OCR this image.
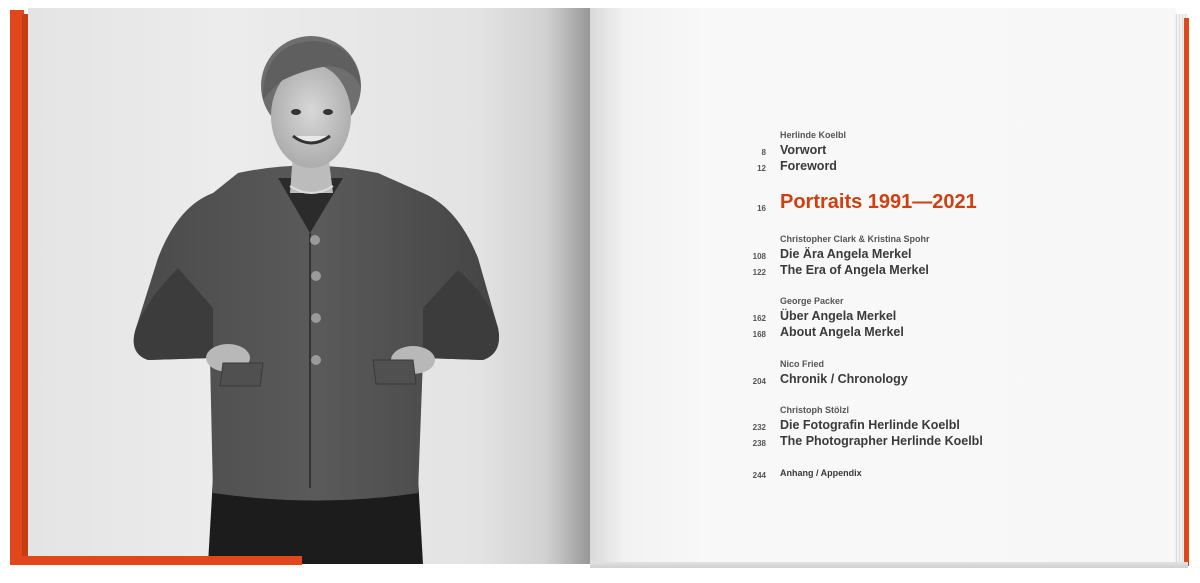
Herlinde Koelbl
8 Vorwort
12 Foreword
16 Portraits 1991—2021
Christopher Clark & Kristina Spohr
108 Die Ära Angela Merkel
122 The Era of Angela Merkel
George Packer
162 Über Angela Merkel
168 About Angela Merkel
Nico Fried
204 Chronik / Chronology
Christoph Stölzl
232 Die Fotografin Herlinde Koelbl
238 The Photographer Herlinde Koelbl
244 Anhang / Appendix
